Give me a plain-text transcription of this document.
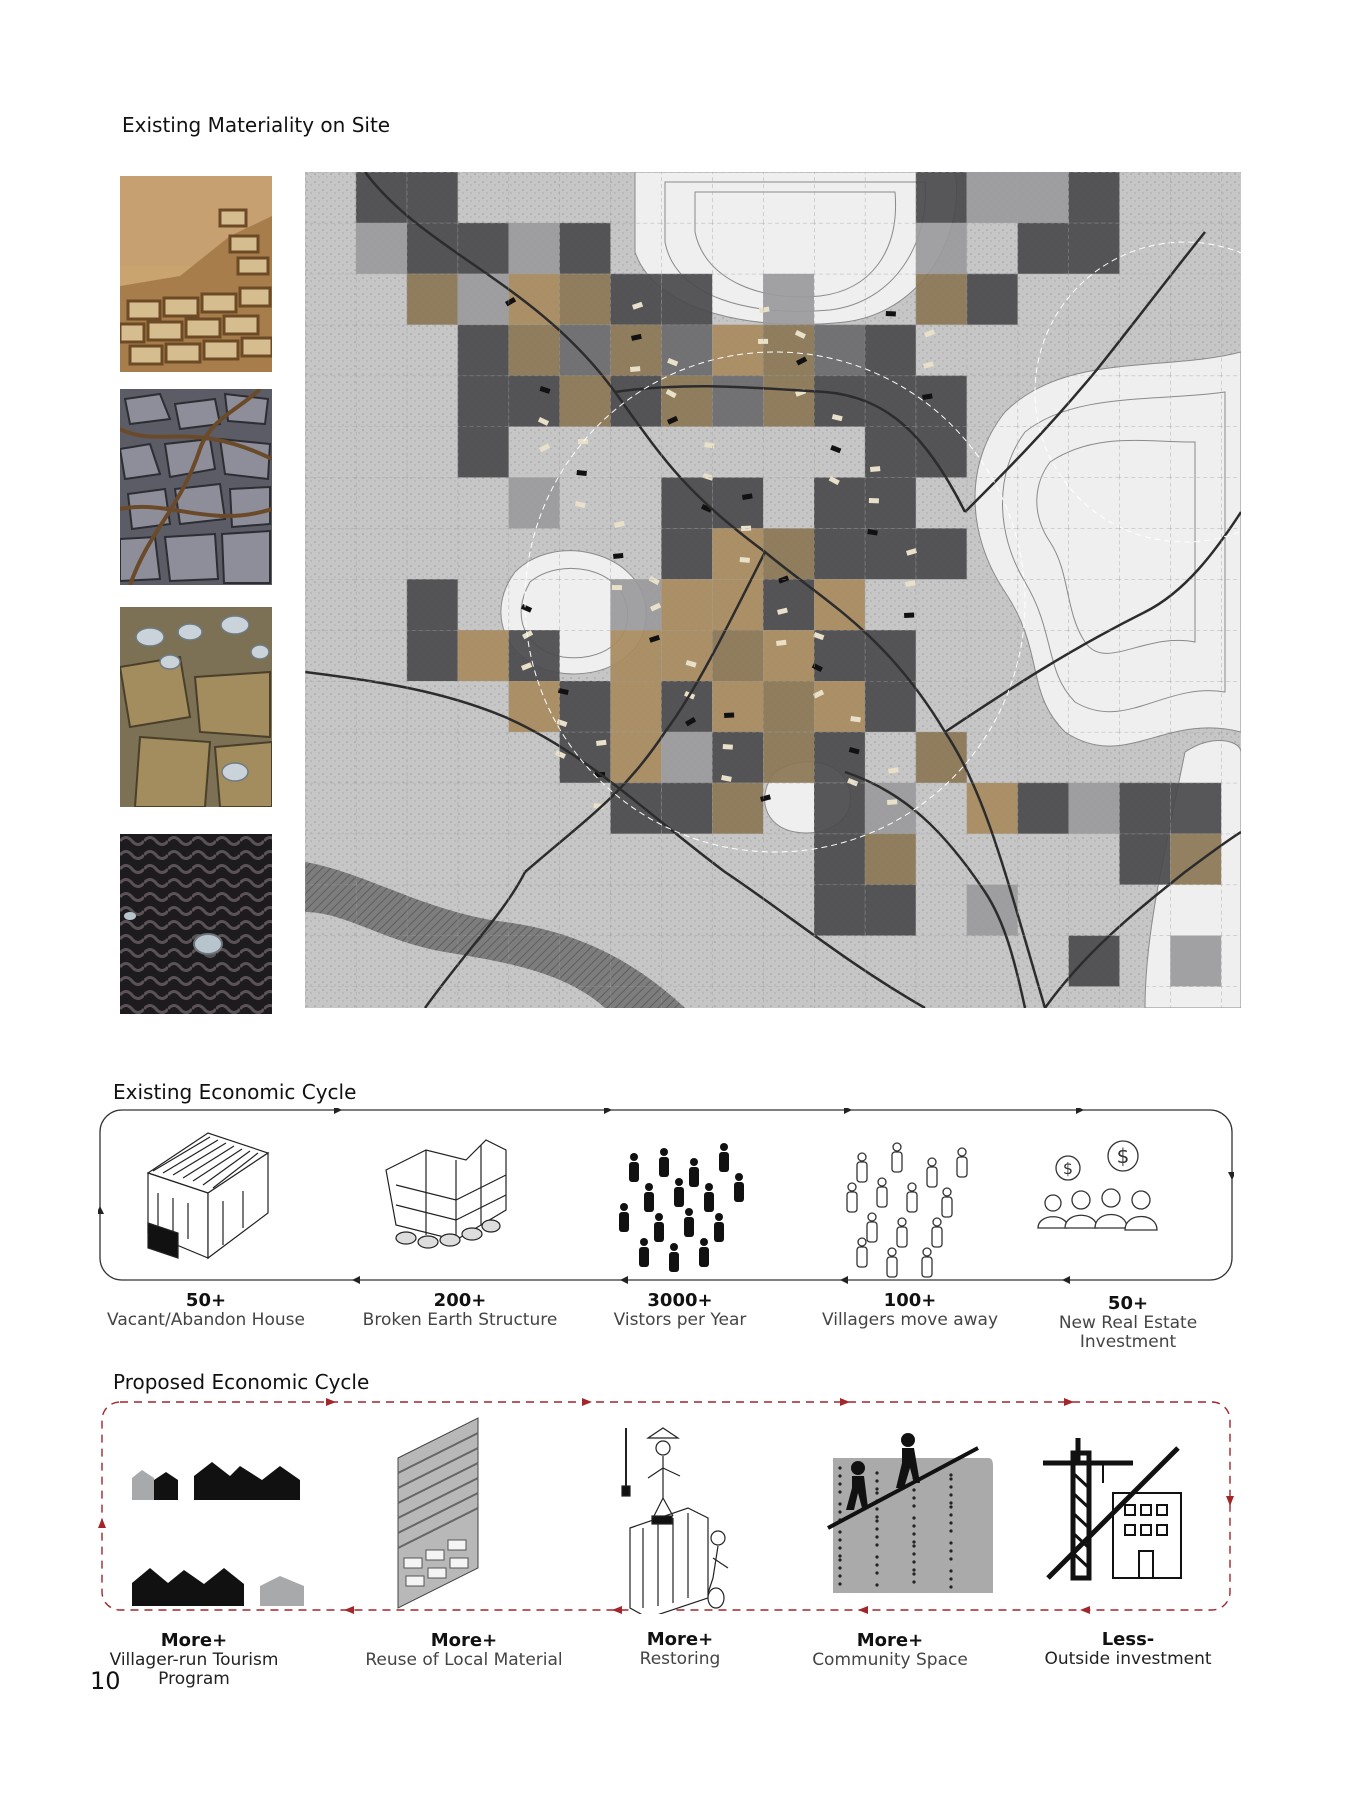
Existing Materiality on Site
Existing Economic Cycle
$
$
50+
Vacant/Abandon House
200+
Broken Earth Structure
3000+
Vistors per Year
100+
Villagers move away
50+
New Real Estate
Investment
Proposed Economic Cycle
More+
Villager-run Tourism Program
More+
Reuse of Local Material
More+
Restoring
More+
Community Space
Less-
Outside investment
10
